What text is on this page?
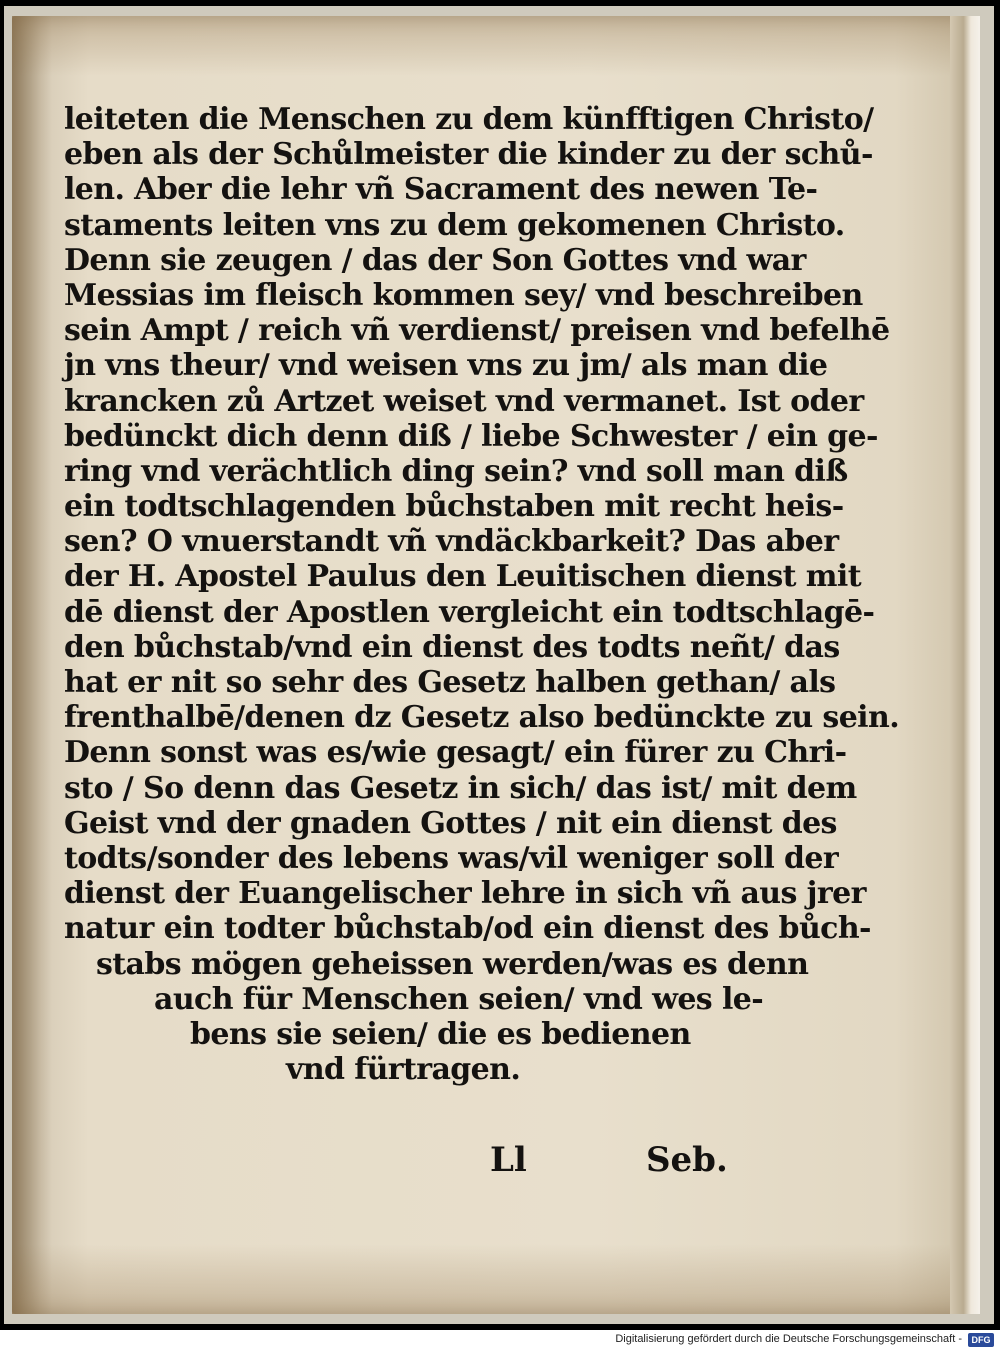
leiteten die Menschen zu dem künfftigen Christo/
eben als der Schůlmeister die kinder zu der schů-
len. Aber die lehr vñ Sacrament des newen Te-
staments leiten vns zu dem gekomenen Christo.
Denn sie zeugen / das der Son Gottes vnd war
Messias im fleisch kommen sey/ vnd beschreiben
sein Ampt / reich vñ verdienst/ preisen vnd befelhē
jn vns theur/ vnd weisen vns zu jm/ als man die
krancken zů Artzet weiset vnd vermanet. Ist oder
bedünckt dich denn diß / liebe Schwester / ein ge-
ring vnd verächtlich ding sein? vnd soll man diß
ein todtschlagenden bůchstaben mit recht heis-
sen? O vnuerstandt vñ vndäckbarkeit? Das aber
der H. Apostel Paulus den Leuitischen dienst mit
dē dienst der Apostlen vergleicht ein todtschlagē-
den bůchstab/vnd ein dienst des todts neñt/ das
hat er nit so sehr des Gesetz halben gethan/ als
frenthalbē/denen dz Gesetz also bedünckte zu sein.
Denn sonst was es/wie gesagt/ ein fürer zu Chri-
sto / So denn das Gesetz in sich/ das ist/ mit dem
Geist vnd der gnaden Gottes / nit ein dienst des
todts/sonder des lebens was/vil weniger soll der
dienst der Euangelischer lehre in sich vñ aus jrer
natur ein todter bůchstab/od ein dienst des bůch-
stabs mögen geheissen werden/was es denn
auch für Menschen seien/ vnd wes le-
bens sie seien/ die es bedienen
vnd fürtragen.
Ll	Seb.
Digitalisierung gefördert durch die Deutsche Forschungsgemeinschaft -	DFG
